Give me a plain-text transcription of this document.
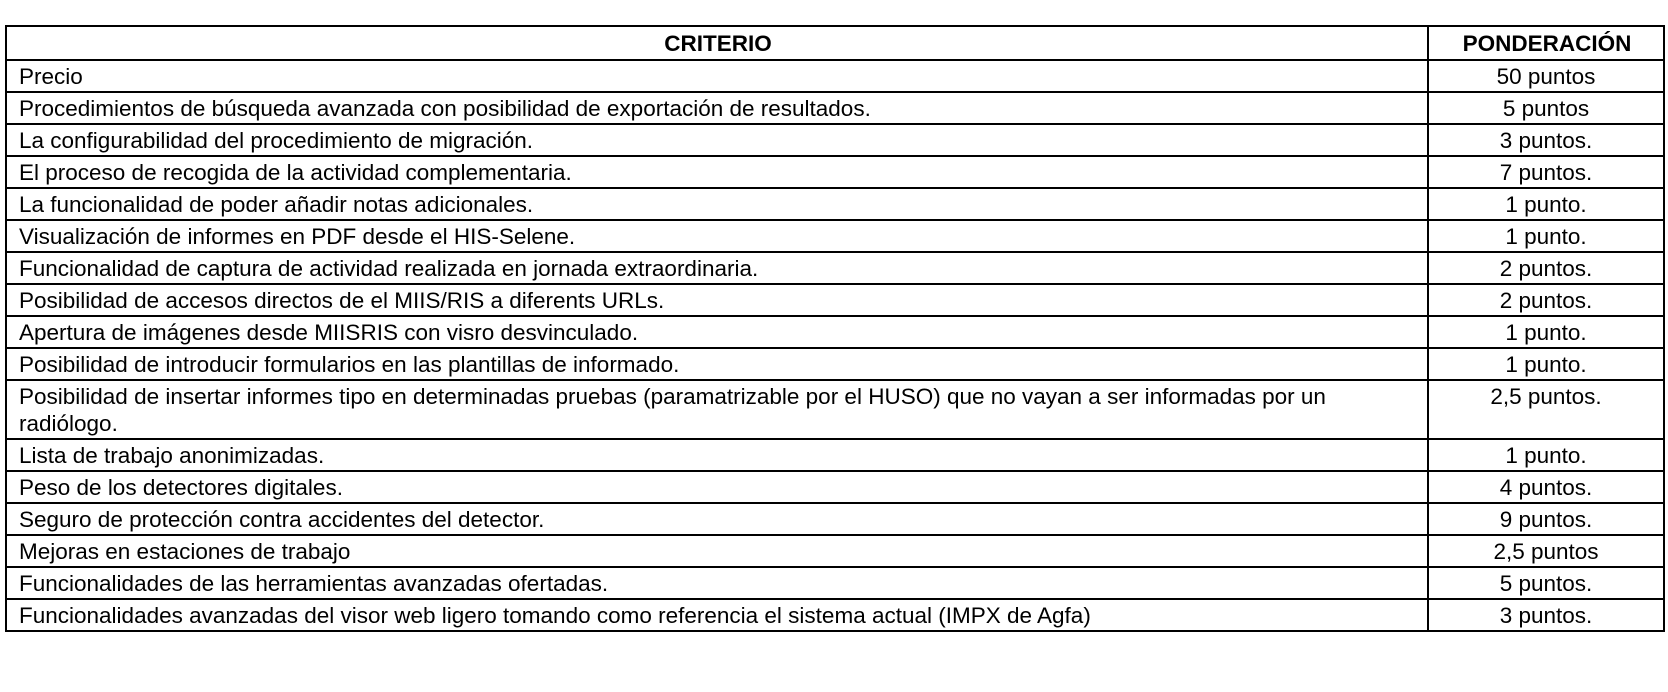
CRITERIO	PONDERACIÓN
Precio	50 puntos
Procedimientos de búsqueda avanzada con posibilidad de exportación de resultados.	5 puntos
La configurabilidad del procedimiento de migración.	3 puntos.
El proceso de recogida de la actividad complementaria.	7 puntos.
La funcionalidad de poder añadir notas adicionales.	1 punto.
Visualización de informes en PDF desde el HIS-Selene.	1 punto.
Funcionalidad de captura de actividad realizada en jornada extraordinaria.	2 puntos.
Posibilidad de accesos directos de el MIIS/RIS a diferents URLs.	2 puntos.
Apertura de imágenes desde MIISRIS con visro desvinculado.	1 punto.
Posibilidad de introducir formularios en las plantillas de informado.	1 punto.
Posibilidad de insertar informes tipo en determinadas pruebas (paramatrizable por el HUSO) que no vayan a ser informadas por un radiólogo.	2,5 puntos.
Lista de trabajo anonimizadas.	1 punto.
Peso de los detectores digitales.	4 puntos.
Seguro de protección contra accidentes del detector.	9 puntos.
Mejoras en estaciones de trabajo	2,5 puntos
Funcionalidades de las herramientas avanzadas ofertadas.	5 puntos.
Funcionalidades avanzadas del visor web ligero tomando como referencia el sistema actual (IMPX de Agfa)	3 puntos.
